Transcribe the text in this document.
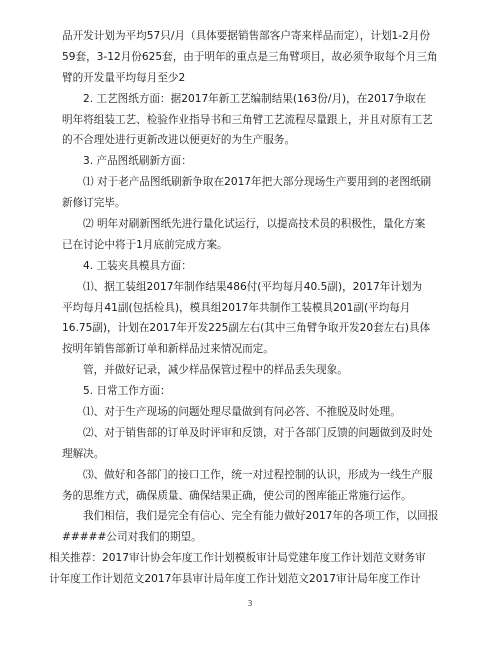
品开发计划为平均57只/月（具体要据销售部客户寄来样品而定），计划1-2月份
59套，3-12月份625套，由于明年的重点是三角臂项目，故必须争取每个月三角
臂的开发量平均每月至少2
2. 工艺图纸方面：据2017年新工艺编制结果(163份/月)，在2017争取在
明年将组装工艺、检验作业指导书和三角臂工艺流程尽量跟上，并且对原有工艺
的不合理处进行更新改进以便更好的为生产服务。
3. 产品图纸刷新方面：
⑴ 对于老产品图纸刷新争取在2017年把大部分现场生产要用到的老图纸刷
新修订完毕。
⑵ 明年对刷新图纸先进行量化试运行，以提高技术员的积极性，量化方案
已在讨论中将于1月底前完成方案。
4. 工装夹具模具方面：
⑴、据工装组2017年制作结果486付(平均每月40.5副)，2017年计划为
平均每月41副(包括检具)，模具组2017年共制作工装模具201副(平均每月
16.75副)，计划在2017年开发225副左右(其中三角臂争取开发20套左右)具体
按明年销售部新订单和新样品过来情况而定。
管，并做好记录，减少样品保管过程中的样品丢失现象。
5. 日常工作方面：
⑴、对于生产现场的问题处理尽量做到有问必答、不推脱及时处理。
⑵、对于销售部的订单及时评审和反馈，对于各部门反馈的问题做到及时处
理解决。
⑶、做好和各部门的接口工作，统一对过程控制的认识，形成为一线生产服
务的思维方式，确保质量、确保结果正确，使公司的图库能正常施行运作。
我们相信，我们是完全有信心、完全有能力做好2017年的各项工作，以回报
#####公司对我们的期望。
相关推荐：2017审计协会年度工作计划模板审计局党建年度工作计划范文财务审
计年度工作计划范文2017年县审计局年度工作计划范文2017审计局年度工作计
3
